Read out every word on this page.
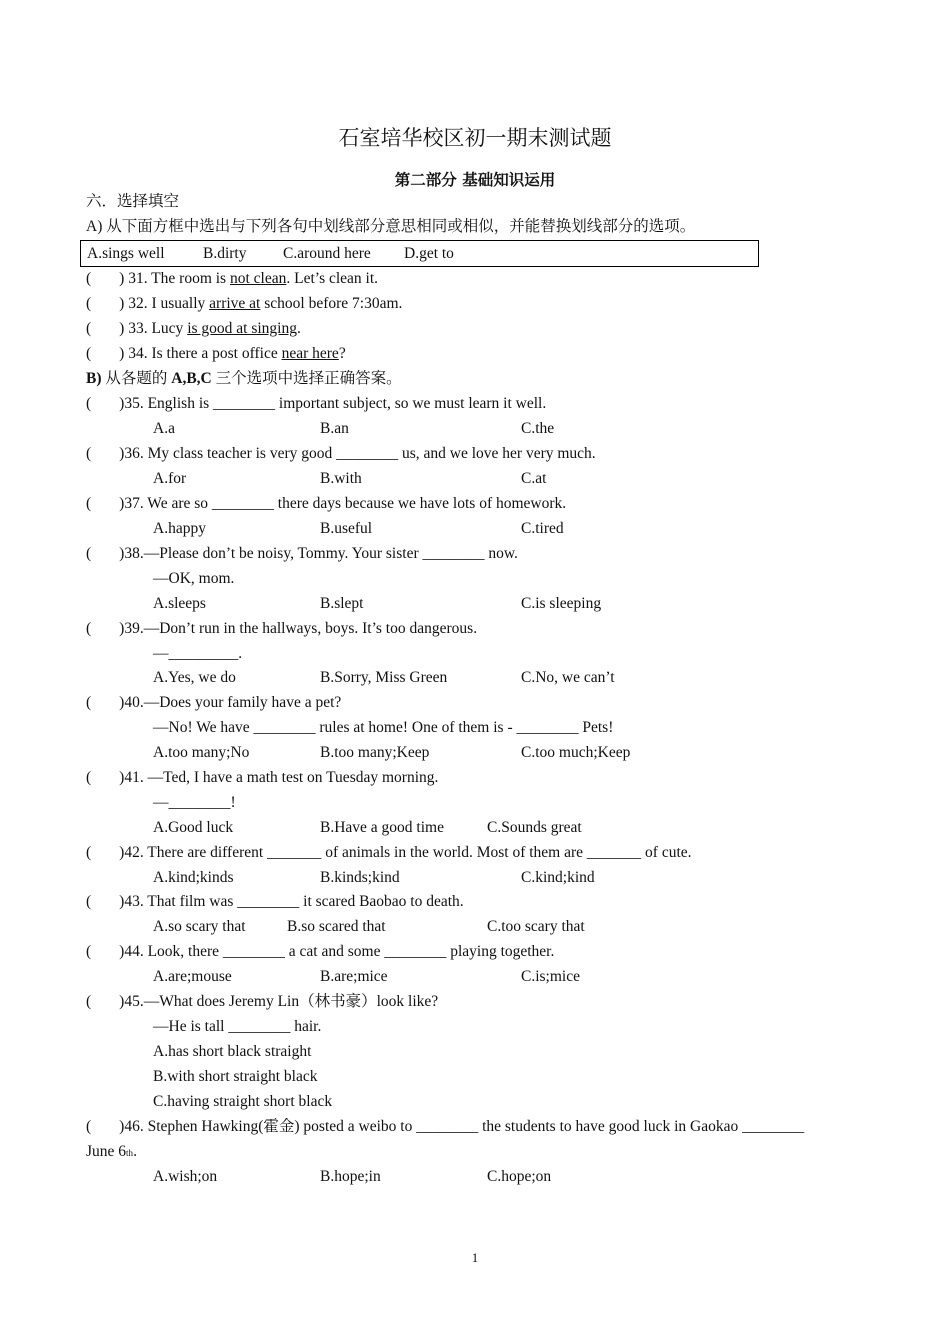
石室培华校区初一期末测试题
第二部分 基础知识运用
六．选择填空
A) 从下面方框中选出与下列各句中划线部分意思相同或相似，并能替换划线部分的选项。
A.sings well B.dirty C.around here D.get to
( ) 31. The room is not clean. Let’s clean it.
( ) 32. I usually arrive at school before 7:30am.
( ) 33. Lucy is good at singing.
( ) 34. Is there a post office near here?
B) 从各题的 A,B,C 三个选项中选择正确答案。
( )35. English is ________ important subject, so we must learn it well.
A.a	B.an	C.the
( )36. My class teacher is very good ________ us, and we love her very much.
A.for	B.with	C.at
( )37. We are so ________ there days because we have lots of homework.
A.happy	B.useful	C.tired
( )38.—Please don’t be noisy, Tommy. Your sister ________ now.
—OK, mom.
A.sleeps	B.slept	C.is sleeping
( )39.—Don’t run in the hallways, boys. It’s too dangerous.
—_________.
A.Yes, we do	B.Sorry, Miss Green	C.No, we can’t
( )40.—Does your family have a pet?
—No! We have ________ rules at home! One of them is - ________ Pets!
A.too many;No	B.too many;Keep	C.too much;Keep
( )41. —Ted, I have a math test on Tuesday morning.
—________!
A.Good luck	B.Have a good time	C.Sounds great
( )42. There are different _______ of animals in the world. Most of them are _______ of cute.
A.kind;kinds	B.kinds;kind	C.kind;kind
( )43. That film was ________ it scared Baobao to death.
A.so scary that	B.so scared that	C.too scary that
( )44. Look, there ________ a cat and some ________ playing together.
A.are;mouse	B.are;mice	C.is;mice
( )45.—What does Jeremy Lin（林书豪）look like?
—He is tall ________ hair.
A.has short black straight
B.with short straight black
C.having straight short black
( )46. Stephen Hawking(霍金) posted a weibo to ________ the students to have good luck in Gaokao ________
June 6th.
A.wish;on	B.hope;in	C.hope;on
1
